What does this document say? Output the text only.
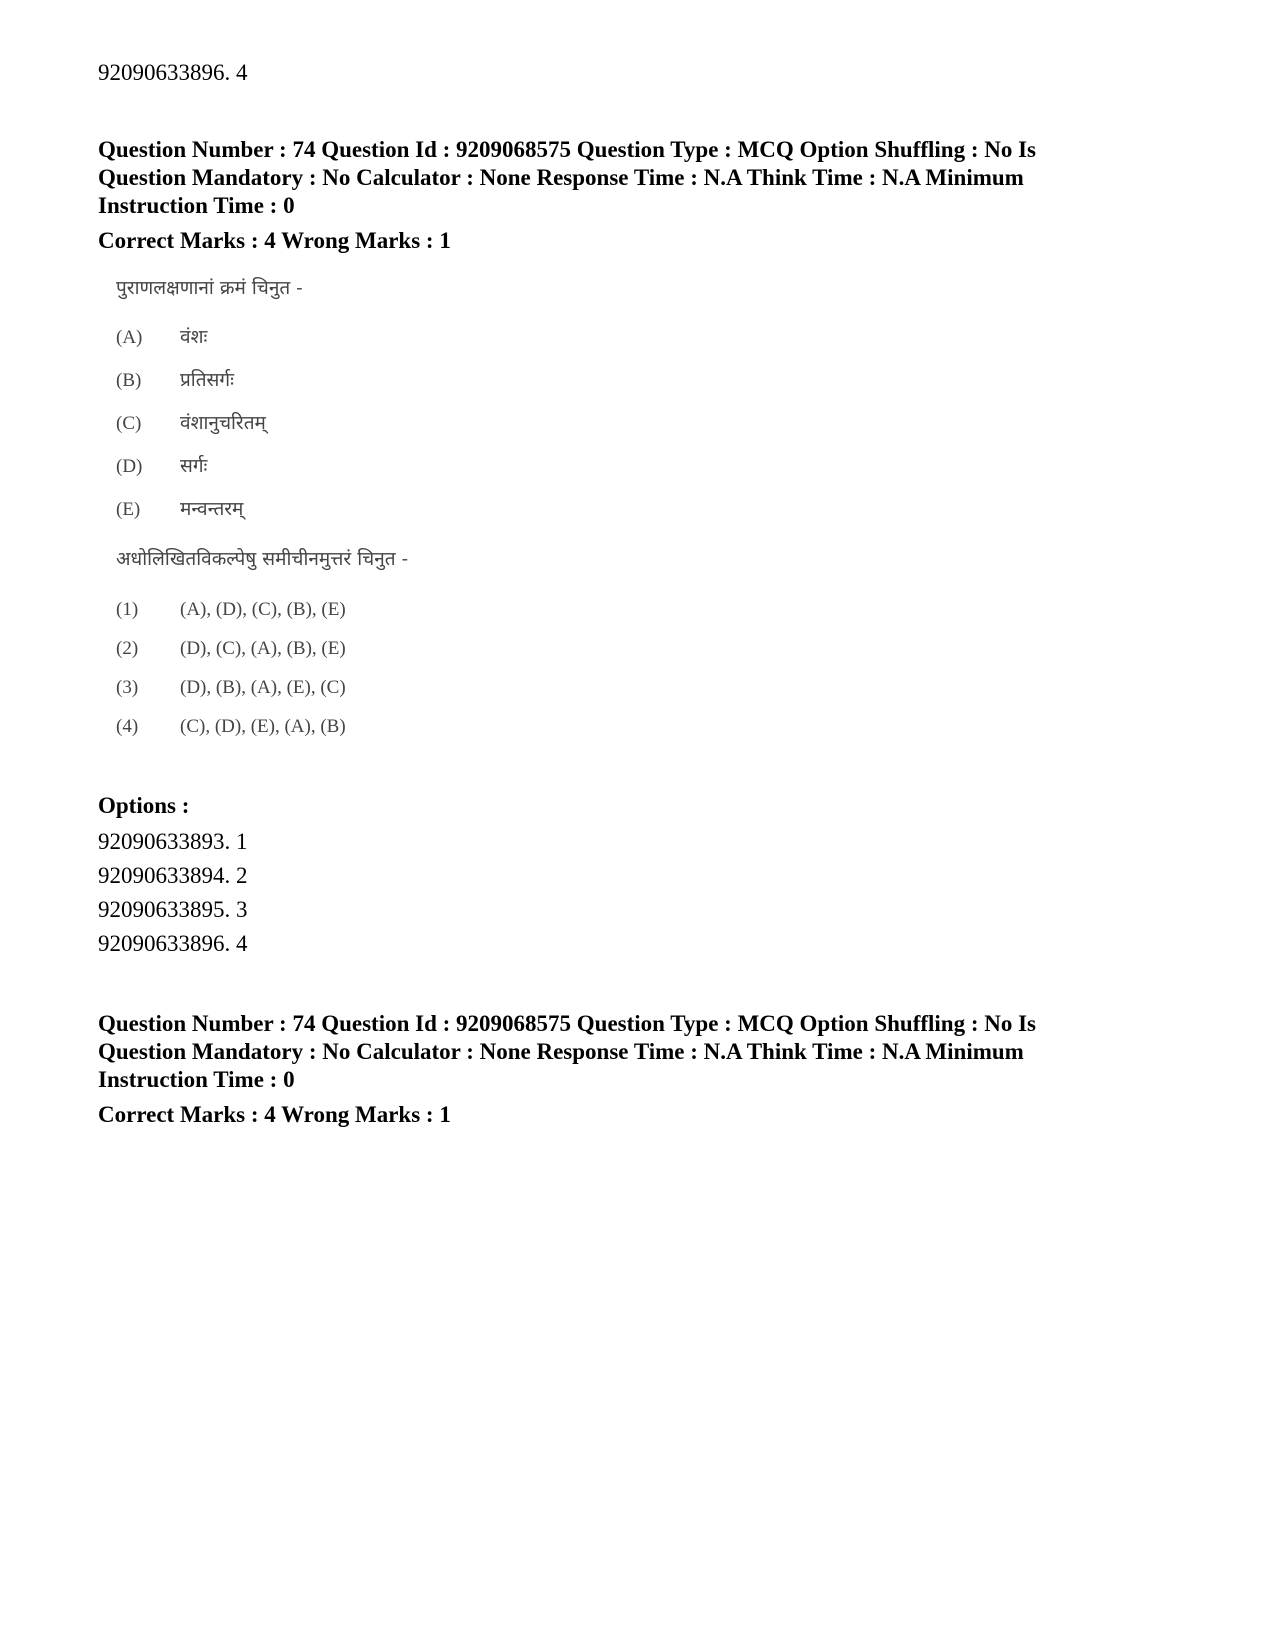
92090633896. 4
Question Number : 74 Question Id : 9209068575 Question Type : MCQ Option Shuffling : No Is Question Mandatory : No Calculator : None Response Time : N.A Think Time : N.A Minimum Instruction Time : 0
Correct Marks : 4 Wrong Marks : 1
पुराणलक्षणानां क्रमं चिनुत -
(A) वंशः
(B) प्रतिसर्गः
(C) वंशानुचरितम्
(D) सर्गः
(E) मन्वन्तरम्
अधोलिखितविकल्पेषु समीचीनमुत्तरं चिनुत -
(1) (A), (D), (C), (B), (E)
(2) (D), (C), (A), (B), (E)
(3) (D), (B), (A), (E), (C)
(4) (C), (D), (E), (A), (B)
Options :
92090633893. 1
92090633894. 2
92090633895. 3
92090633896. 4
Question Number : 74 Question Id : 9209068575 Question Type : MCQ Option Shuffling : No Is Question Mandatory : No Calculator : None Response Time : N.A Think Time : N.A Minimum Instruction Time : 0
Correct Marks : 4 Wrong Marks : 1
